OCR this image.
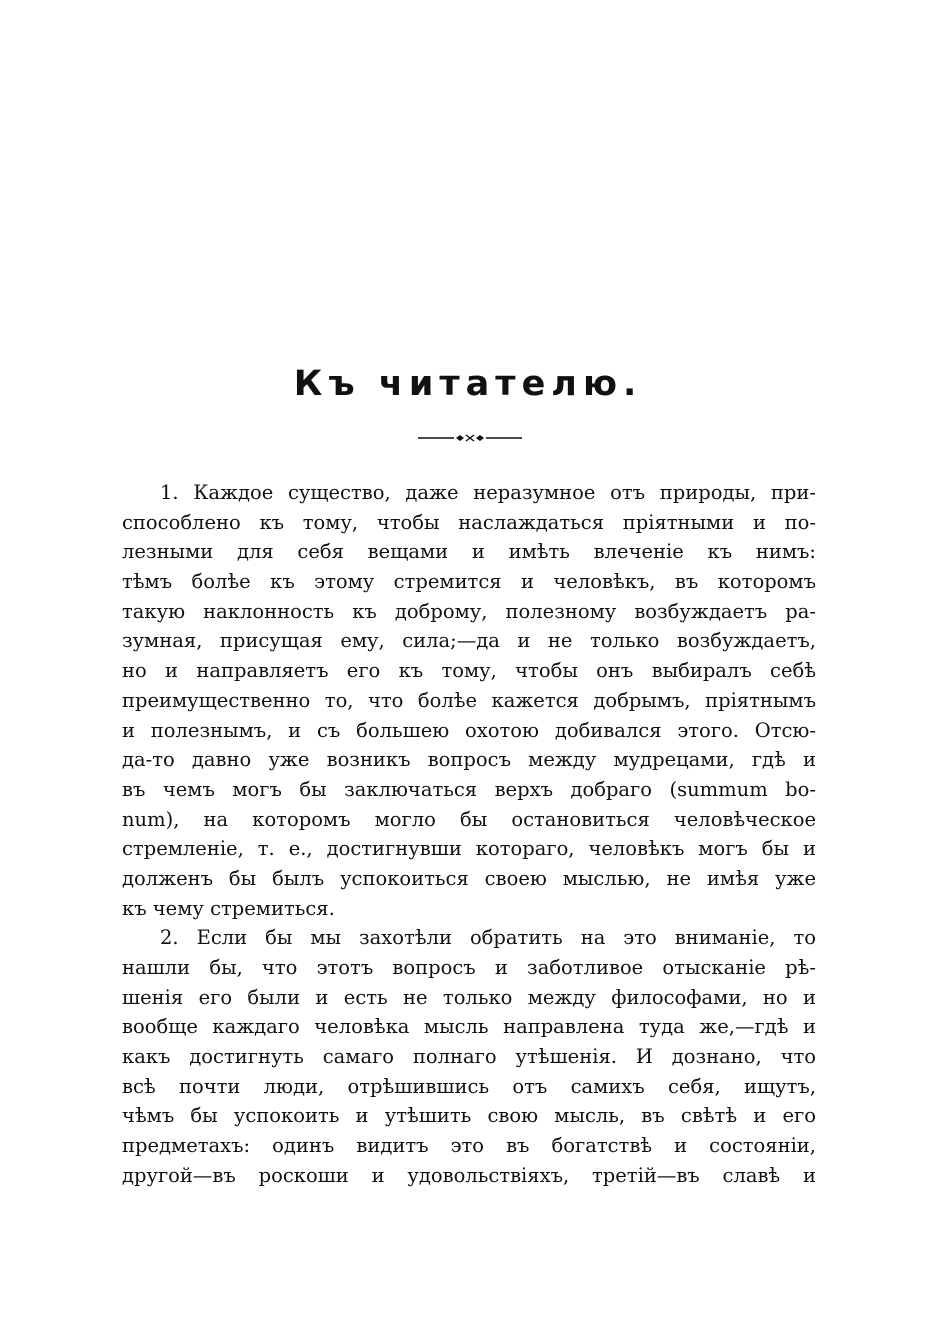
Къ читателю.
1. Каждое существо, даже неразумное отъ природы, при-
способлено къ тому, чтобы наслаждаться пріятными и по-
лезными для себя вещами и имѣть влеченіе къ нимъ:
тѣмъ болѣе къ этому стремится и человѣкъ, въ которомъ
такую наклонность къ доброму, полезному возбуждаетъ ра-
зумная, присущая ему, сила;—да и не только возбуждаетъ,
но и направляетъ его къ тому, чтобы онъ выбиралъ себѣ
преимущественно то, что болѣе кажется добрымъ, пріятнымъ
и полезнымъ, и съ большею охотою добивался этого. Отсю-
да-то давно уже возникъ вопросъ между мудрецами, гдѣ и
въ чемъ могъ бы заключаться верхъ добраго (summum bo-
num), на которомъ могло бы остановиться человѣческое
стремленіе, т. е., достигнувши котораго, человѣкъ могъ бы и
долженъ бы былъ успокоиться своею мыслью, не имѣя уже
къ чему стремиться.
2. Если бы мы захотѣли обратить на это вниманіе, то
нашли бы, что этотъ вопросъ и заботливое отысканіе рѣ-
шенія его были и есть не только между философами, но и
вообще каждаго человѣка мысль направлена туда же,—гдѣ и
какъ достигнуть самаго полнаго утѣшенія. И дознано, что
всѣ почти люди, отрѣшившись отъ самихъ себя, ищутъ,
чѣмъ бы успокоить и утѣшить свою мысль, въ свѣтѣ и его
предметахъ: одинъ видитъ это въ богатствѣ и состояніи,
другой—въ роскоши и удовольствіяхъ, третій—въ славѣ и
